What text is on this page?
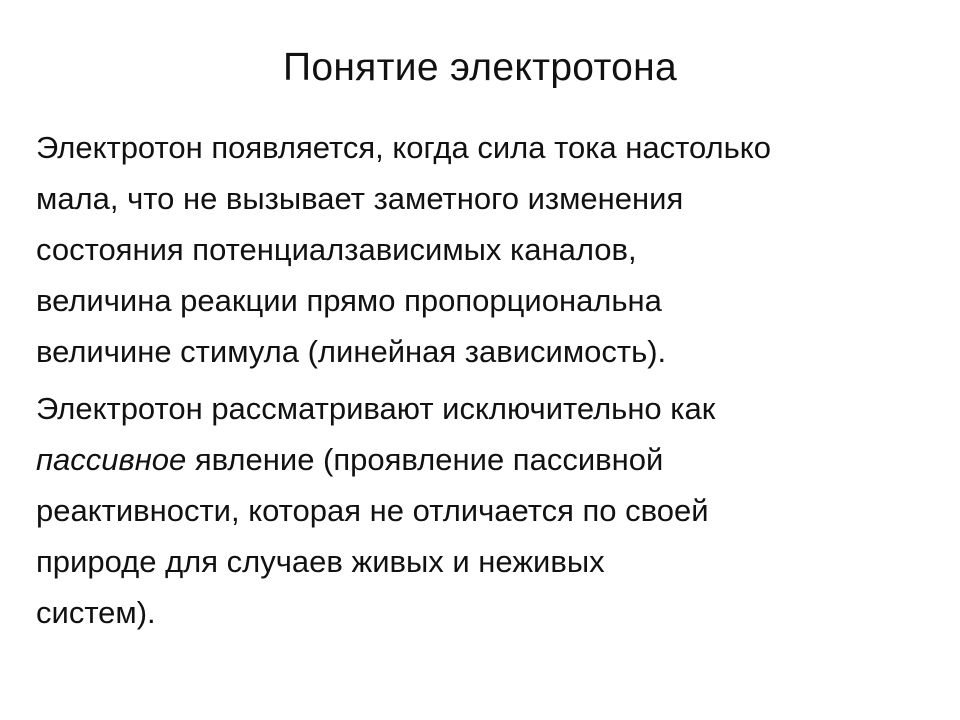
Понятие электротона

Электротон появляется, когда сила тока настолько
мала, что не вызывает заметного изменения
состояния потенциалзависимых каналов,
величина реакции прямо пропорциональна
величине стимула (линейная зависимость).

Электротон рассматривают исключительно как
пассивное явление (проявление пассивной
реактивности, которая не отличается по своей
природе для случаев живых и неживых
систем).
